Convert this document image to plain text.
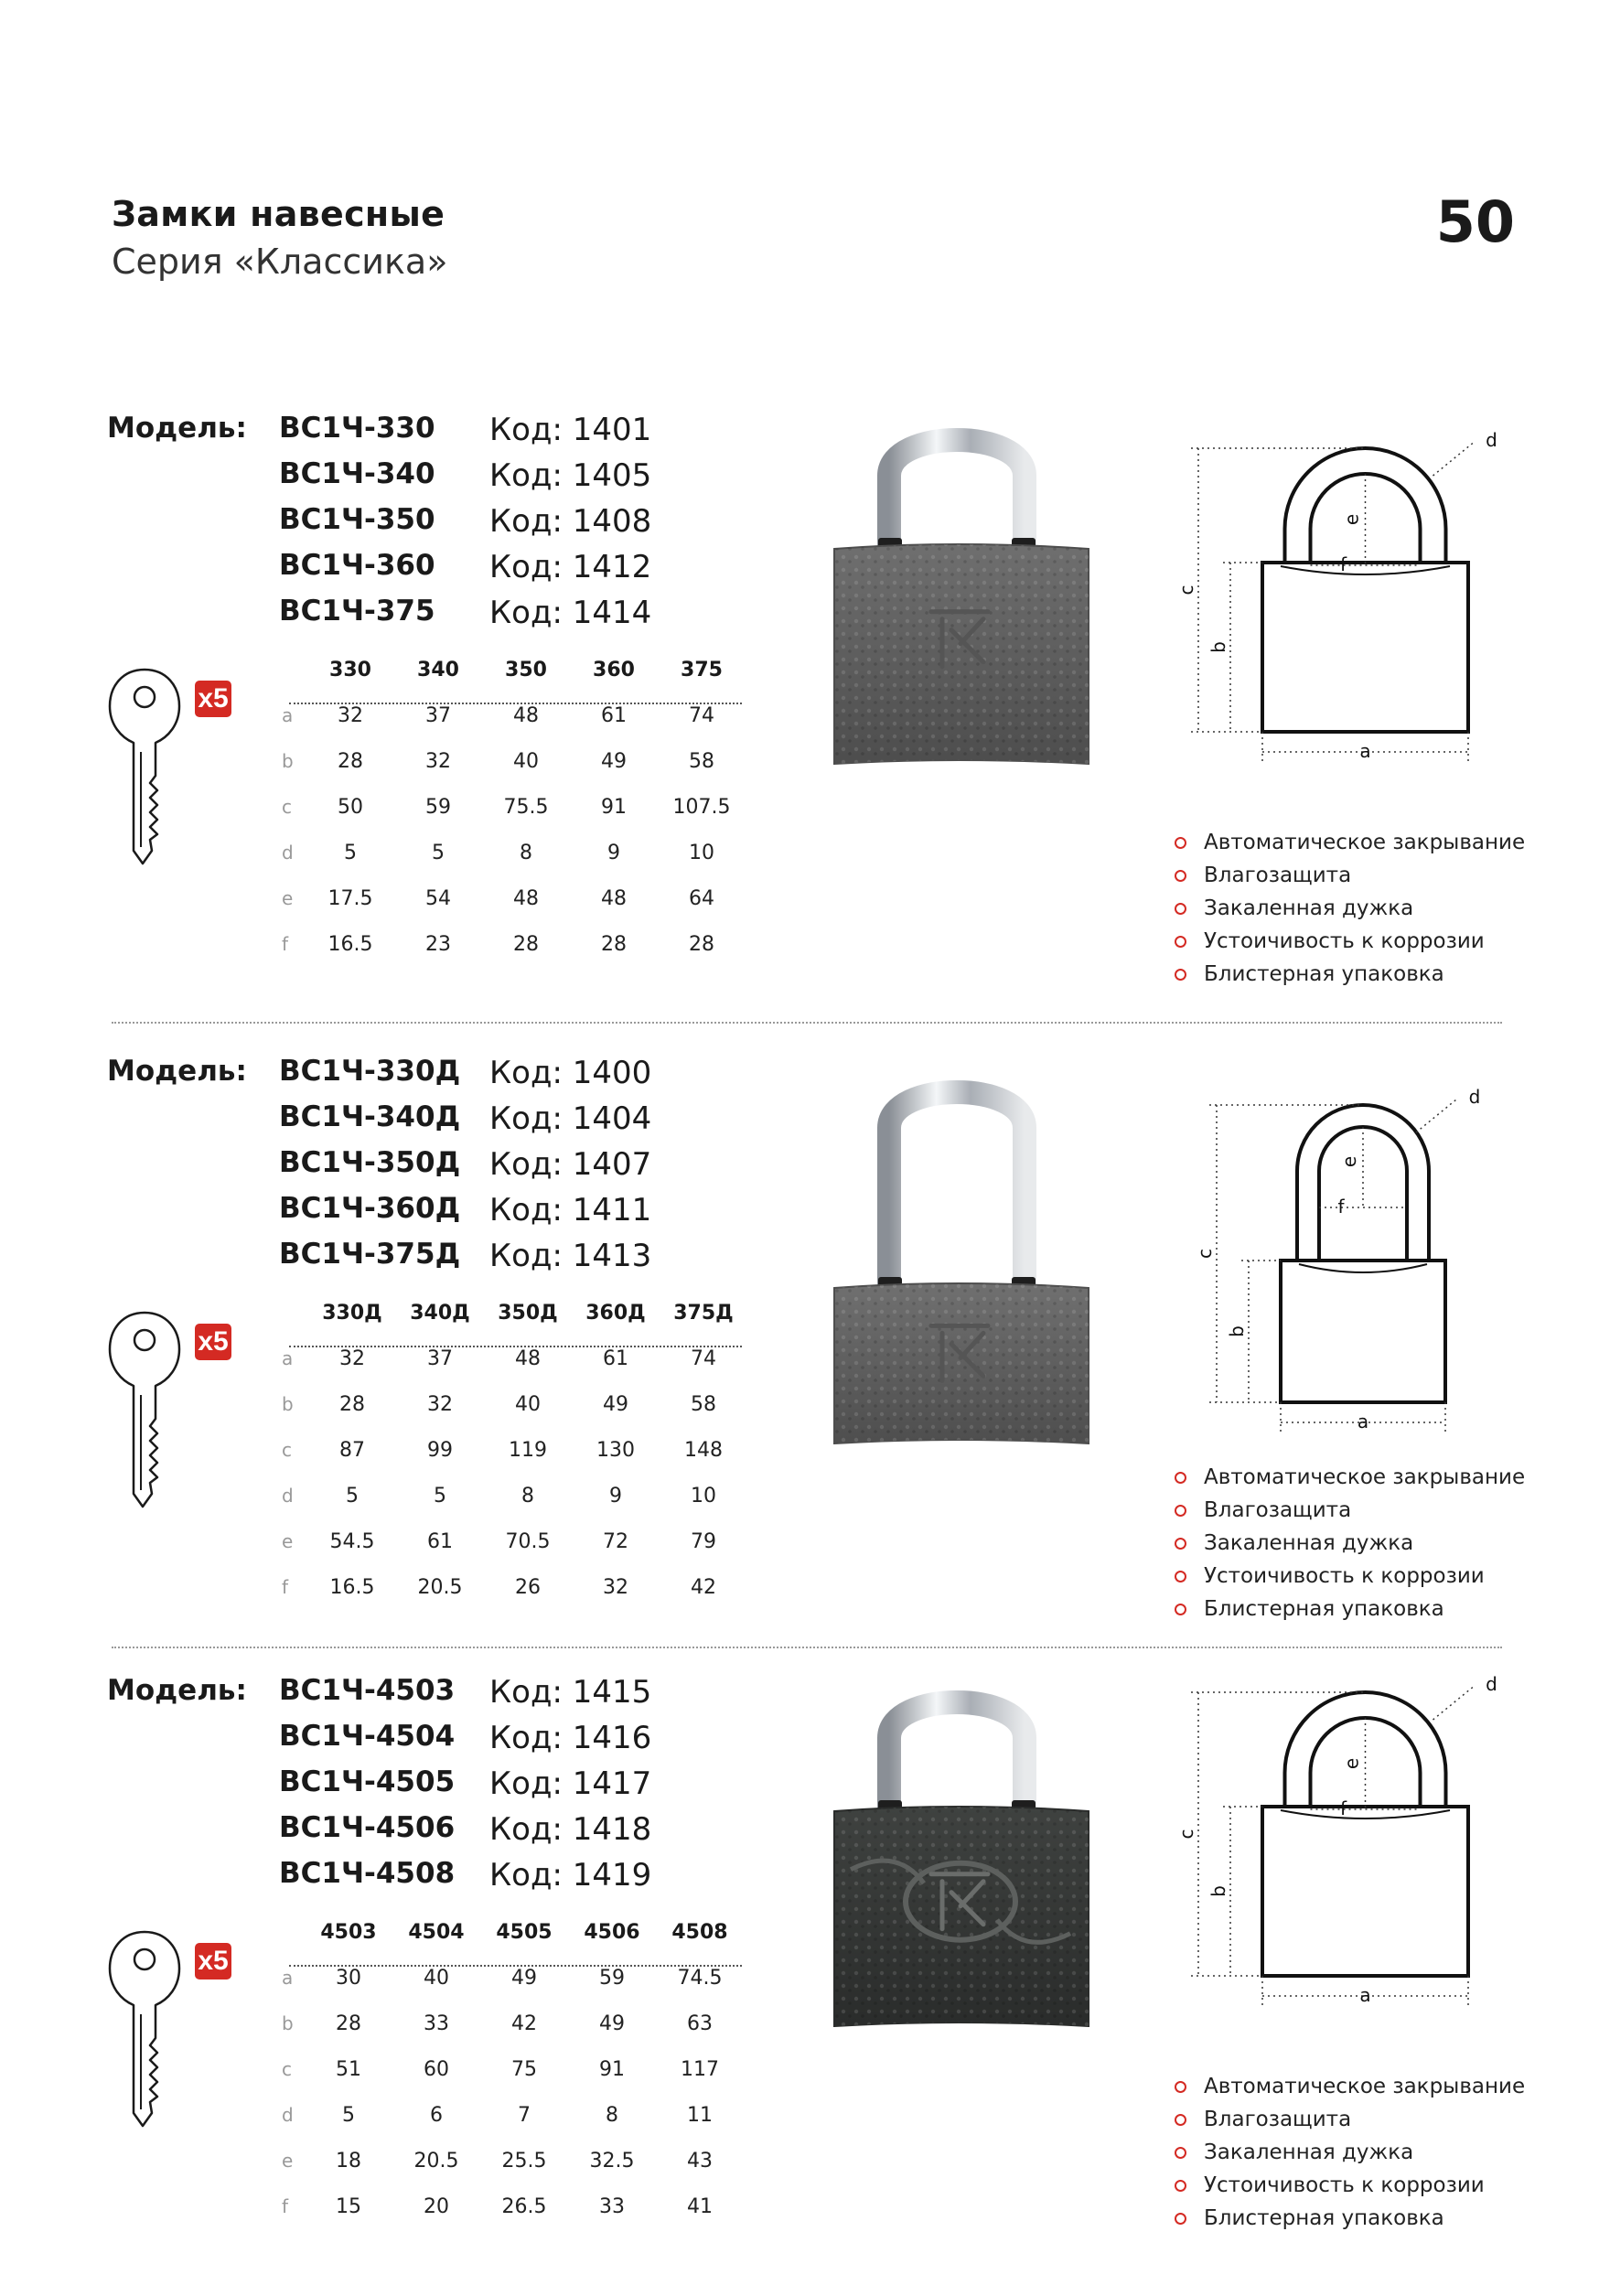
Замки навесные
Серия «Классика»
50
Модель: ВС1Ч-330	Код: 1401
ВС1Ч-340	Код: 1405
ВС1Ч-350	Код: 1408
ВС1Ч-360	Код: 1412
ВС1Ч-375	Код: 1414
x5
330	340	350	360	375
a	32	37	48	61	74
b	28	32	40	49	58
c	50	59	75.5	91	107.5
d	5	5	8	9	10
e	17.5	54	48	48	64
f	16.5	23	28	28	28
c
b
a
f
e
d
Автоматическое закрывание
Влагозащита
Закаленная дужка
Устоичивость к коррозии
Блистерная упаковка
Модель: ВС1Ч-330Д Код: 1400
ВС1Ч-340Д Код: 1404
ВС1Ч-350Д Код: 1407
ВС1Ч-360Д Код: 1411
ВС1Ч-375Д Код: 1413
x5
330Д	340Д	350Д	360Д	375Д
a	32	37	48	61	74
b	28	32	40	49	58
c	87	99	119	130	148
d	5	5	8	9	10
e	54.5	61	70.5	72	79
f	16.5	20.5	26	32	42
c
b
a
f
e
d
Автоматическое закрывание
Влагозащита
Закаленная дужка
Устоичивость к коррозии
Блистерная упаковка
Модель: ВС1Ч-4503	Код: 1415
ВС1Ч-4504	Код: 1416
ВС1Ч-4505	Код: 1417
ВС1Ч-4506	Код: 1418
ВС1Ч-4508	Код: 1419
x5
4503	4504	4505	4506	4508
a	30	40	49	59	74.5
b	28	33	42	49	63
c	51	60	75	91	117
d	5	6	7	8	11
e	18	20.5	25.5	32.5	43
f	15	20	26.5	33	41
c
b
a
f
e
d
Автоматическое закрывание
Влагозащита
Закаленная дужка
Устоичивость к коррозии
Блистерная упаковка
